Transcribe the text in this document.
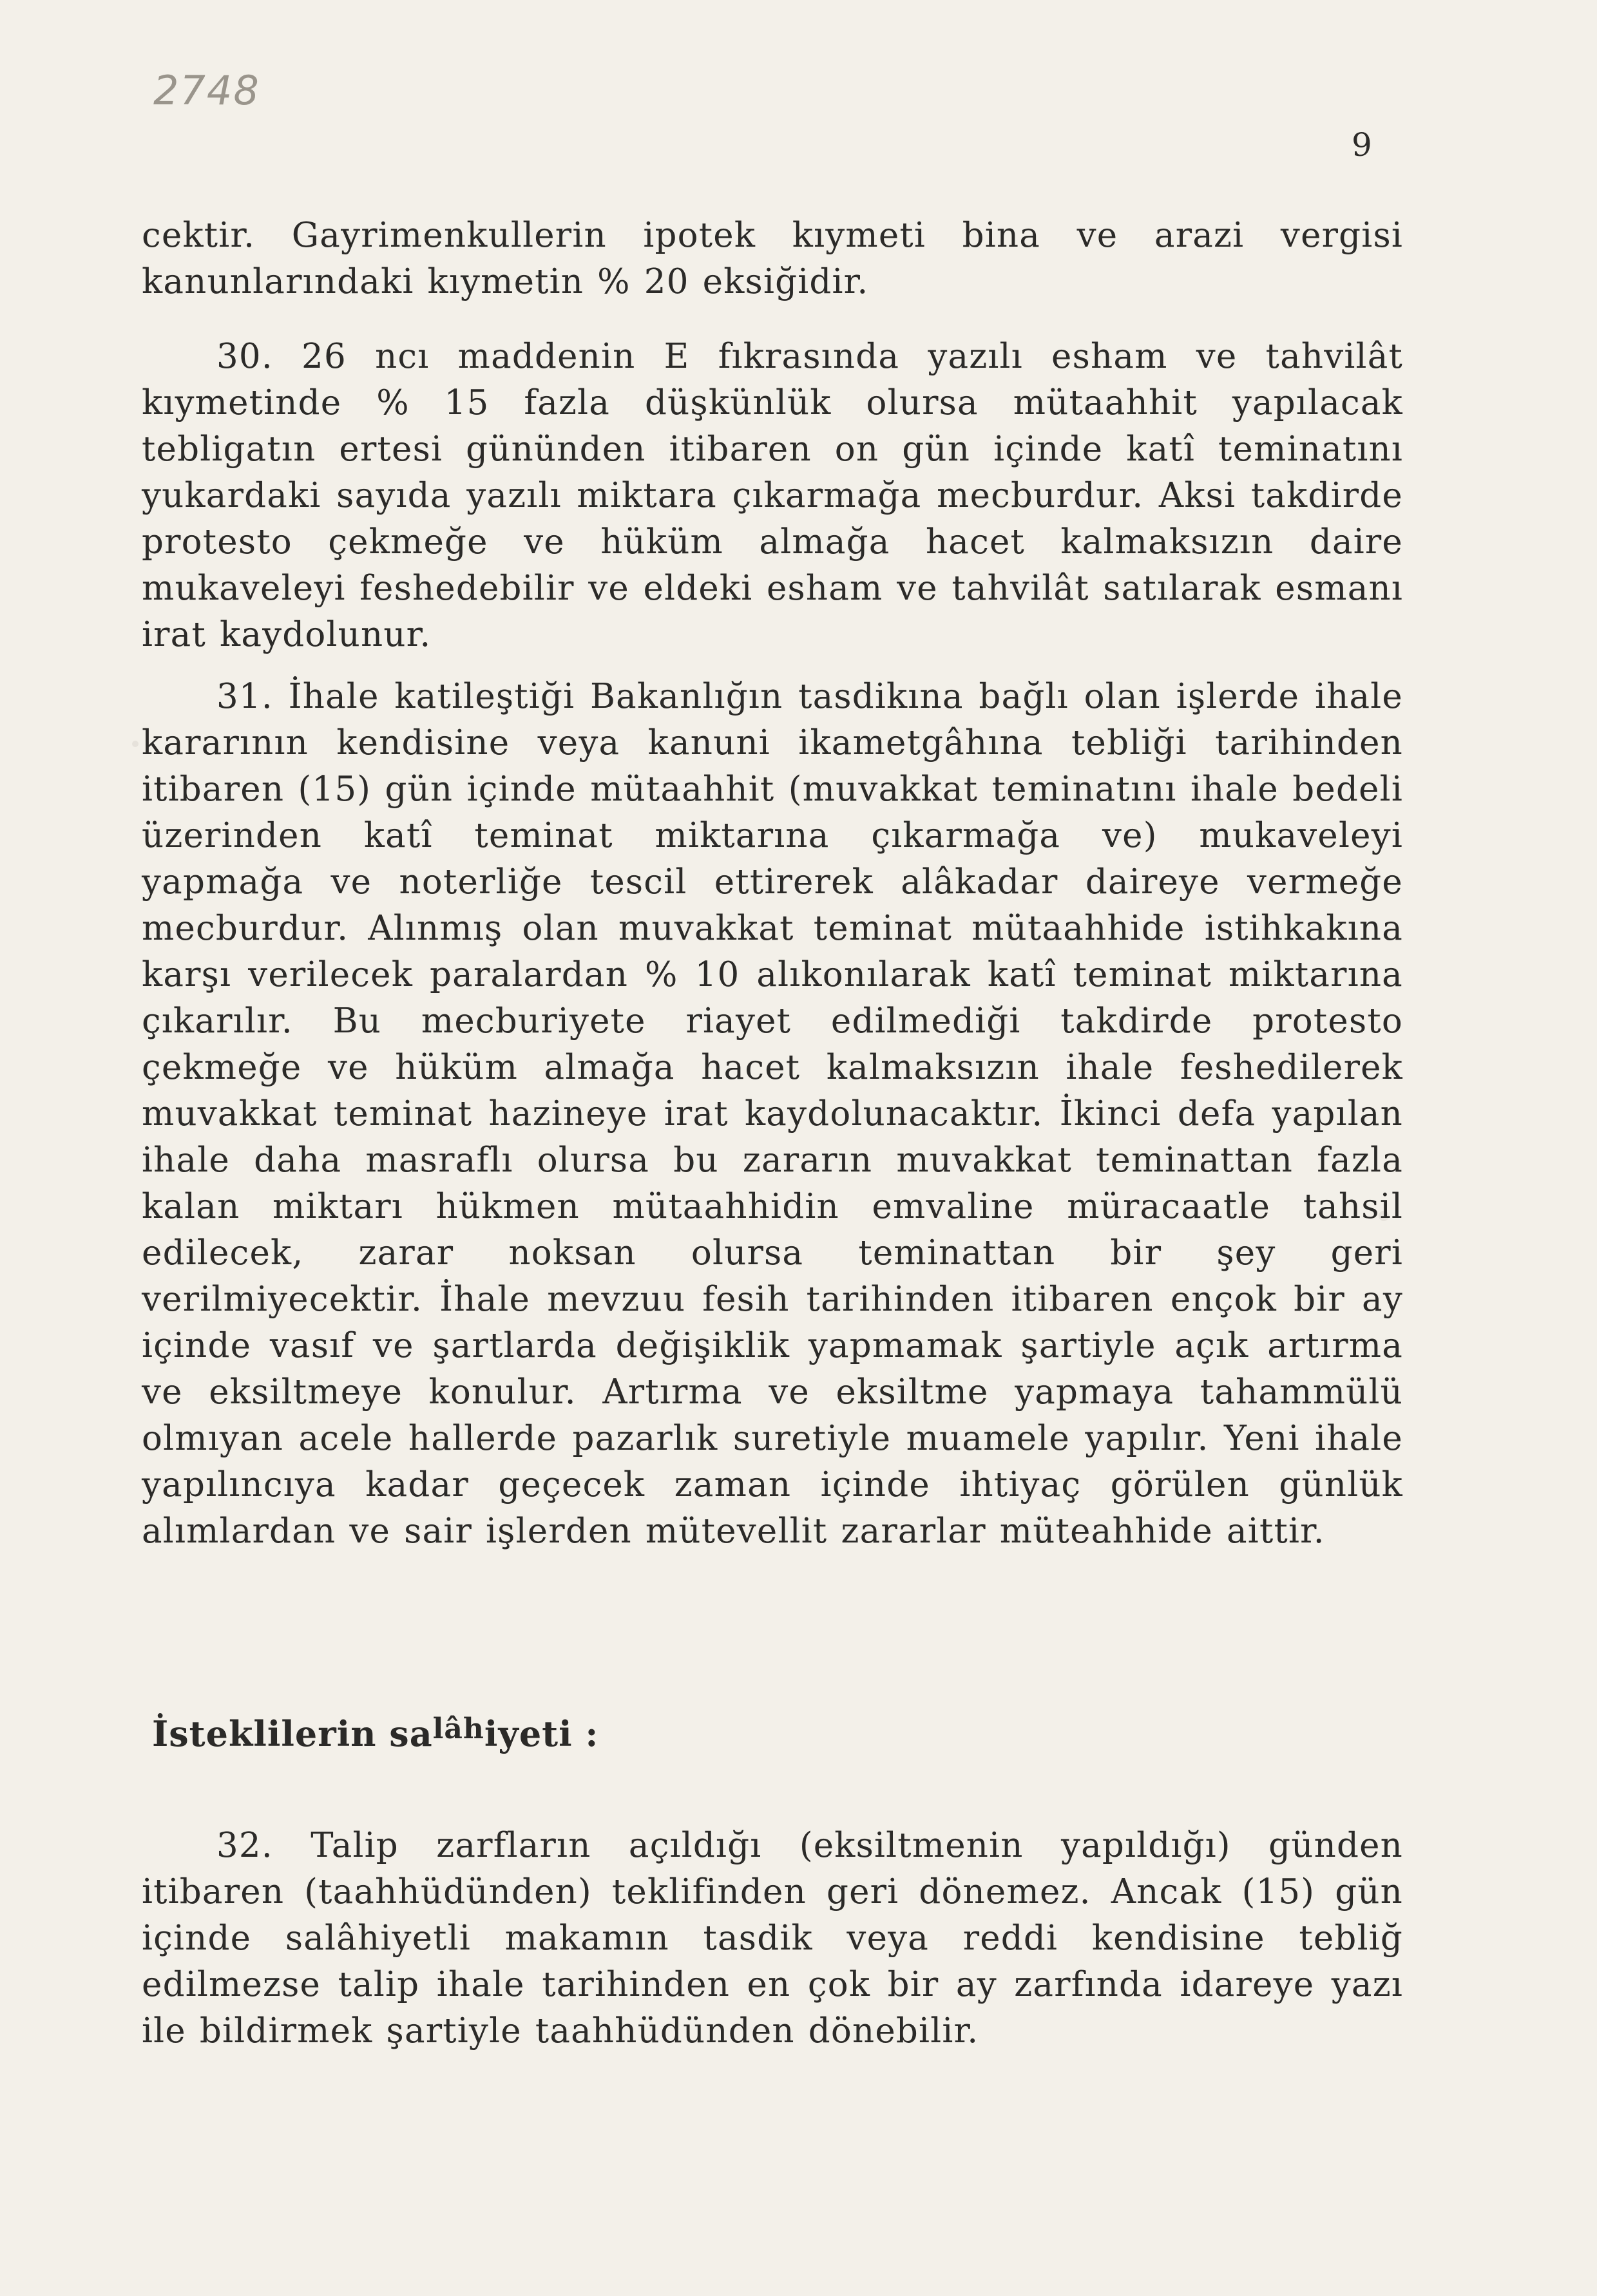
2748
9

cektir. Gayrimenkullerin ipotek kıymeti bina ve arazi vergisi kanunlarındaki kıymetin % 20 eksiğidir.

30. 26 ncı maddenin E fıkrasında yazılı esham ve tahvilât kıymetinde % 15 fazla düşkünlük olursa mütaahhit yapılacak tebligatın ertesi gününden itibaren on gün içinde katî teminatını yukardaki sayıda yazılı miktara çıkarmağa mecburdur. Aksi takdirde protesto çekmeğe ve hüküm almağa hacet kalmaksızın daire mukaveleyi feshedebilir ve eldeki esham ve tahvilât satılarak esmanı irat kaydolunur.

31. İhale katileştiği Bakanlığın tasdikına bağlı olan işlerde ihale kararının kendisine veya kanuni ikametgâhına tebliği tarihinden itibaren (15) gün içinde mütaahhit (muvakkat teminatını ihale bedeli üzerinden katî teminat miktarına çıkarmağa ve) mukaveleyi yapmağa ve noterliğe tescil ettirerek alâkadar daireye vermeğe mecburdur. Alınmış olan muvakkat teminat mütaahhide istihkakına karşı verilecek paralardan % 10 alıkonılarak katî teminat miktarına çıkarılır. Bu mecburiyete riayet edilmediği takdirde protesto çekmeğe ve hüküm almağa hacet kalmaksızın ihale feshedilerek muvakkat teminat hazineye irat kaydolunacaktır. İkinci defa yapılan ihale daha masraflı olursa bu zararın muvakkat teminattan fazla kalan miktarı hükmen mütaahhidin emvaline müracaatle tahsil edilecek, zarar noksan olursa teminattan bir şey geri verilmiyecektir. İhale mevzuu fesih tarihinden itibaren ençok bir ay içinde vasıf ve şartlarda değişiklik yapmamak şartiyle açık artırma ve eksiltmeye konulur. Artırma ve eksiltme yapmaya tahammülü olmıyan acele hallerde pazarlık suretiyle muamele yapılır. Yeni ihale yapılıncıya kadar geçecek zaman içinde ihtiyaç görülen günlük alımlardan ve sair işlerden mütevellit zararlar müteahhide aittir.

İsteklilerin $sa^{lâh}iyeti$ :

32. Talip zarfların açıldığı (eksiltmenin yapıldığı) günden itibaren (taahhüdünden) teklifinden geri dönemez. Ancak (15) gün içinde salâhiyetli makamın tasdik veya reddi kendisine tebliğ edilmezse talip ihale tarihinden en çok bir ay zarfında idareye yazı ile bildirmek şartiyle taahhüdünden dönebilir.
